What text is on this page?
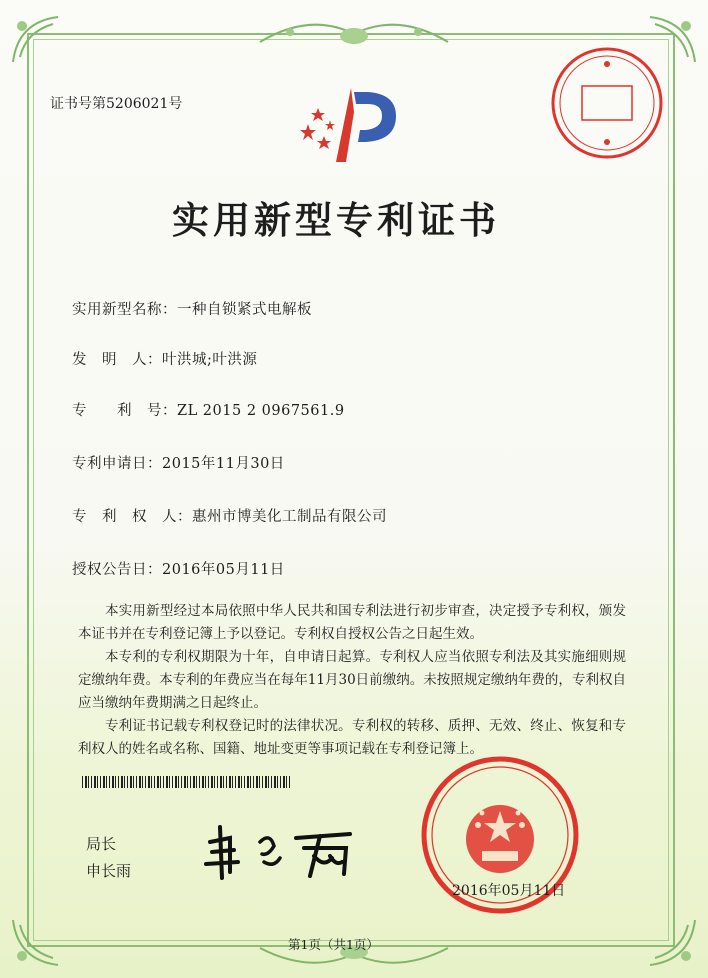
证书号第5206021号
实用新型专利证书
实用新型名称：一种自锁紧式电解板
发　明　人：叶洪城;叶洪源
专　　利　号：ZL 2015 2 0967561.9
专利申请日：2015年11月30日
专　利　权　人：惠州市博美化工制品有限公司
授权公告日：2016年05月11日

本实用新型经过本局依照中华人民共和国专利法进行初步审查，决定授予专利权，颁发本证书并在专利登记簿上予以登记。专利权自授权公告之日起生效。

本专利的专利权期限为十年，自申请日起算。专利权人应当依照专利法及其实施细则规定缴纳年费。本专利的年费应当在每年11月30日前缴纳。未按照规定缴纳年费的，专利权自应当缴纳年费期满之日起终止。

专利证书记载专利权登记时的法律状况。专利权的转移、质押、无效、终止、恢复和专利权人的姓名或名称、国籍、地址变更等事项记载在专利登记簿上。

局长
申长雨
2016年05月11日
第1页（共1页）
